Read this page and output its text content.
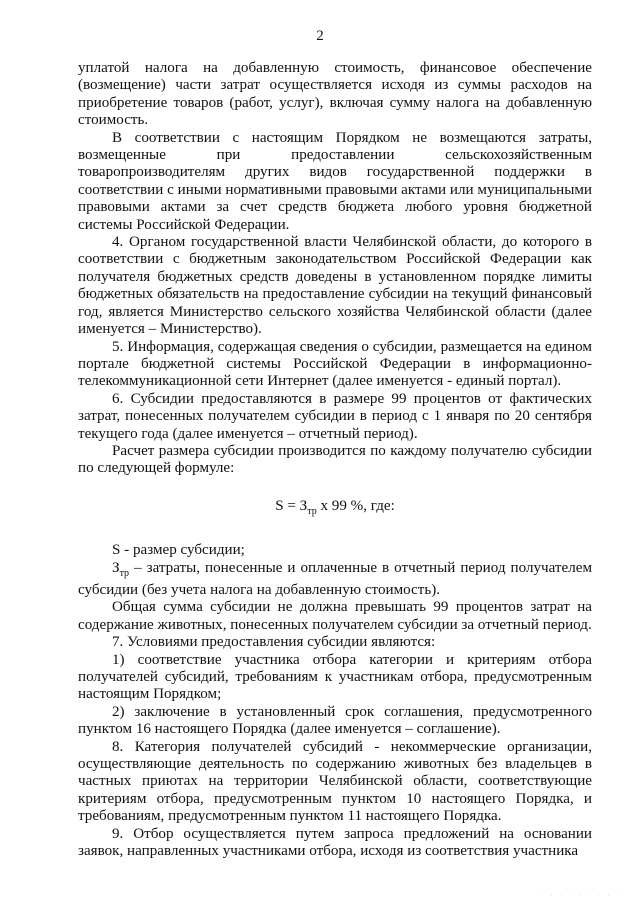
2

уплатой налога на добавленную стоимость, финансовое обеспечение (возмещение) части затрат осуществляется исходя из суммы расходов на приобретение товаров (работ, услуг), включая сумму налога на добавленную стоимость.

В соответствии с настоящим Порядком не возмещаются затраты, возмещенные при предоставлении сельскохозяйственным товаропроизводителям других видов государственной поддержки в соответствии с иными нормативными правовыми актами или муниципальными правовыми актами за счет средств бюджета любого уровня бюджетной системы Российской Федерации.

4. Органом государственной власти Челябинской области, до которого в соответствии с бюджетным законодательством Российской Федерации как получателя бюджетных средств доведены в установленном порядке лимиты бюджетных обязательств на предоставление субсидии на текущий финансовый год, является Министерство сельского хозяйства Челябинской области (далее именуется – Министерство).

5. Информация, содержащая сведения о субсидии, размещается на едином портале бюджетной системы Российской Федерации в информационно-телекоммуникационной сети Интернет (далее именуется - единый портал).

6. Субсидии предоставляются в размере 99 процентов от фактических затрат, понесенных получателем субсидии в период с 1 января по 20 сентября текущего года (далее именуется – отчетный период).

Расчет размера субсидии производится по каждому получателю субсидии по следующей формуле:

$S = З_{тр}$ х 99 %, где:

S - размер субсидии;

$З_{тр}$ – затраты, понесенные и оплаченные в отчетный период получателем субсидии (без учета налога на добавленную стоимость).

Общая сумма субсидии не должна превышать 99 процентов затрат на содержание животных, понесенных получателем субсидии за отчетный период.

7. Условиями предоставления субсидии являются:

1) соответствие участника отбора категории и критериям отбора получателей субсидий, требованиям к участникам отбора, предусмотренным настоящим Порядком;

2) заключение в установленный срок соглашения, предусмотренного пунктом 16 настоящего Порядка (далее именуется – соглашение).

8. Категория получателей субсидий - некоммерческие организации, осуществляющие деятельность по содержанию животных без владельцев в частных приютах на территории Челябинской области, соответствующие критериям отбора, предусмотренным пунктом 10 настоящего Порядка, и требованиям, предусмотренным пунктом 11 настоящего Порядка.

9. Отбор осуществляется путем запроса предложений на основании заявок, направленных участниками отбора, исходя из соответствия участника

· · · · · · · · ·
